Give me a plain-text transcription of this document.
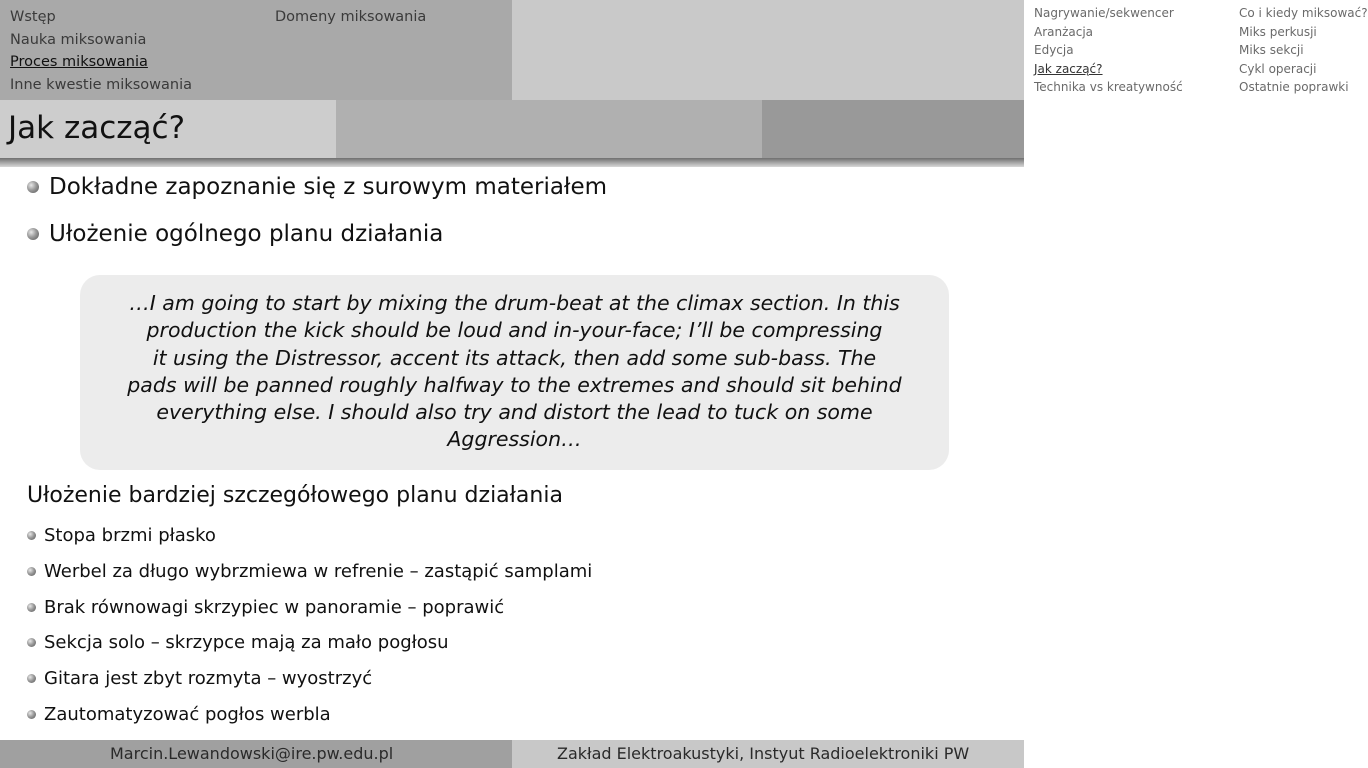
Wstęp
Nauka miksowania
Proces miksowania
Inne kwestie miksowania
Domeny miksowania	Nagrywanie/sekwencer
Aranżacja
Edycja
Jak zacząć?
Technika vs kreatywność
Co i kiedy miksować?
Miks perkusji
Miks sekcji
Cykl operacji
Ostatnie poprawki
Jak zacząć?
Dokładne zapoznanie się z surowym materiałem
Ułożenie ogólnego planu działania
…I am going to start by mixing the drum-beat at the climax section. In this
production the kick should be loud and in-your-face; I’ll be compressing
it using the Distressor, accent its attack, then add some sub-bass. The
pads will be panned roughly halfway to the extremes and should sit behind
everything else. I should also try and distort the lead to tuck on some
Aggression…
Ułożenie bardziej szczegółowego planu działania
Stopa brzmi płasko
Werbel za długo wybrzmiewa w refrenie – zastąpić samplami
Brak równowagi skrzypiec w panoramie – poprawić
Sekcja solo – skrzypce mają za mało pogłosu
Gitara jest zbyt rozmyta – wyostrzyć
Zautomatyzować pogłos werbla
Marcin.Lewandowski@ire.pw.edu.pl	Zakład Elektroakustyki, Instyut Radioelektroniki PW
